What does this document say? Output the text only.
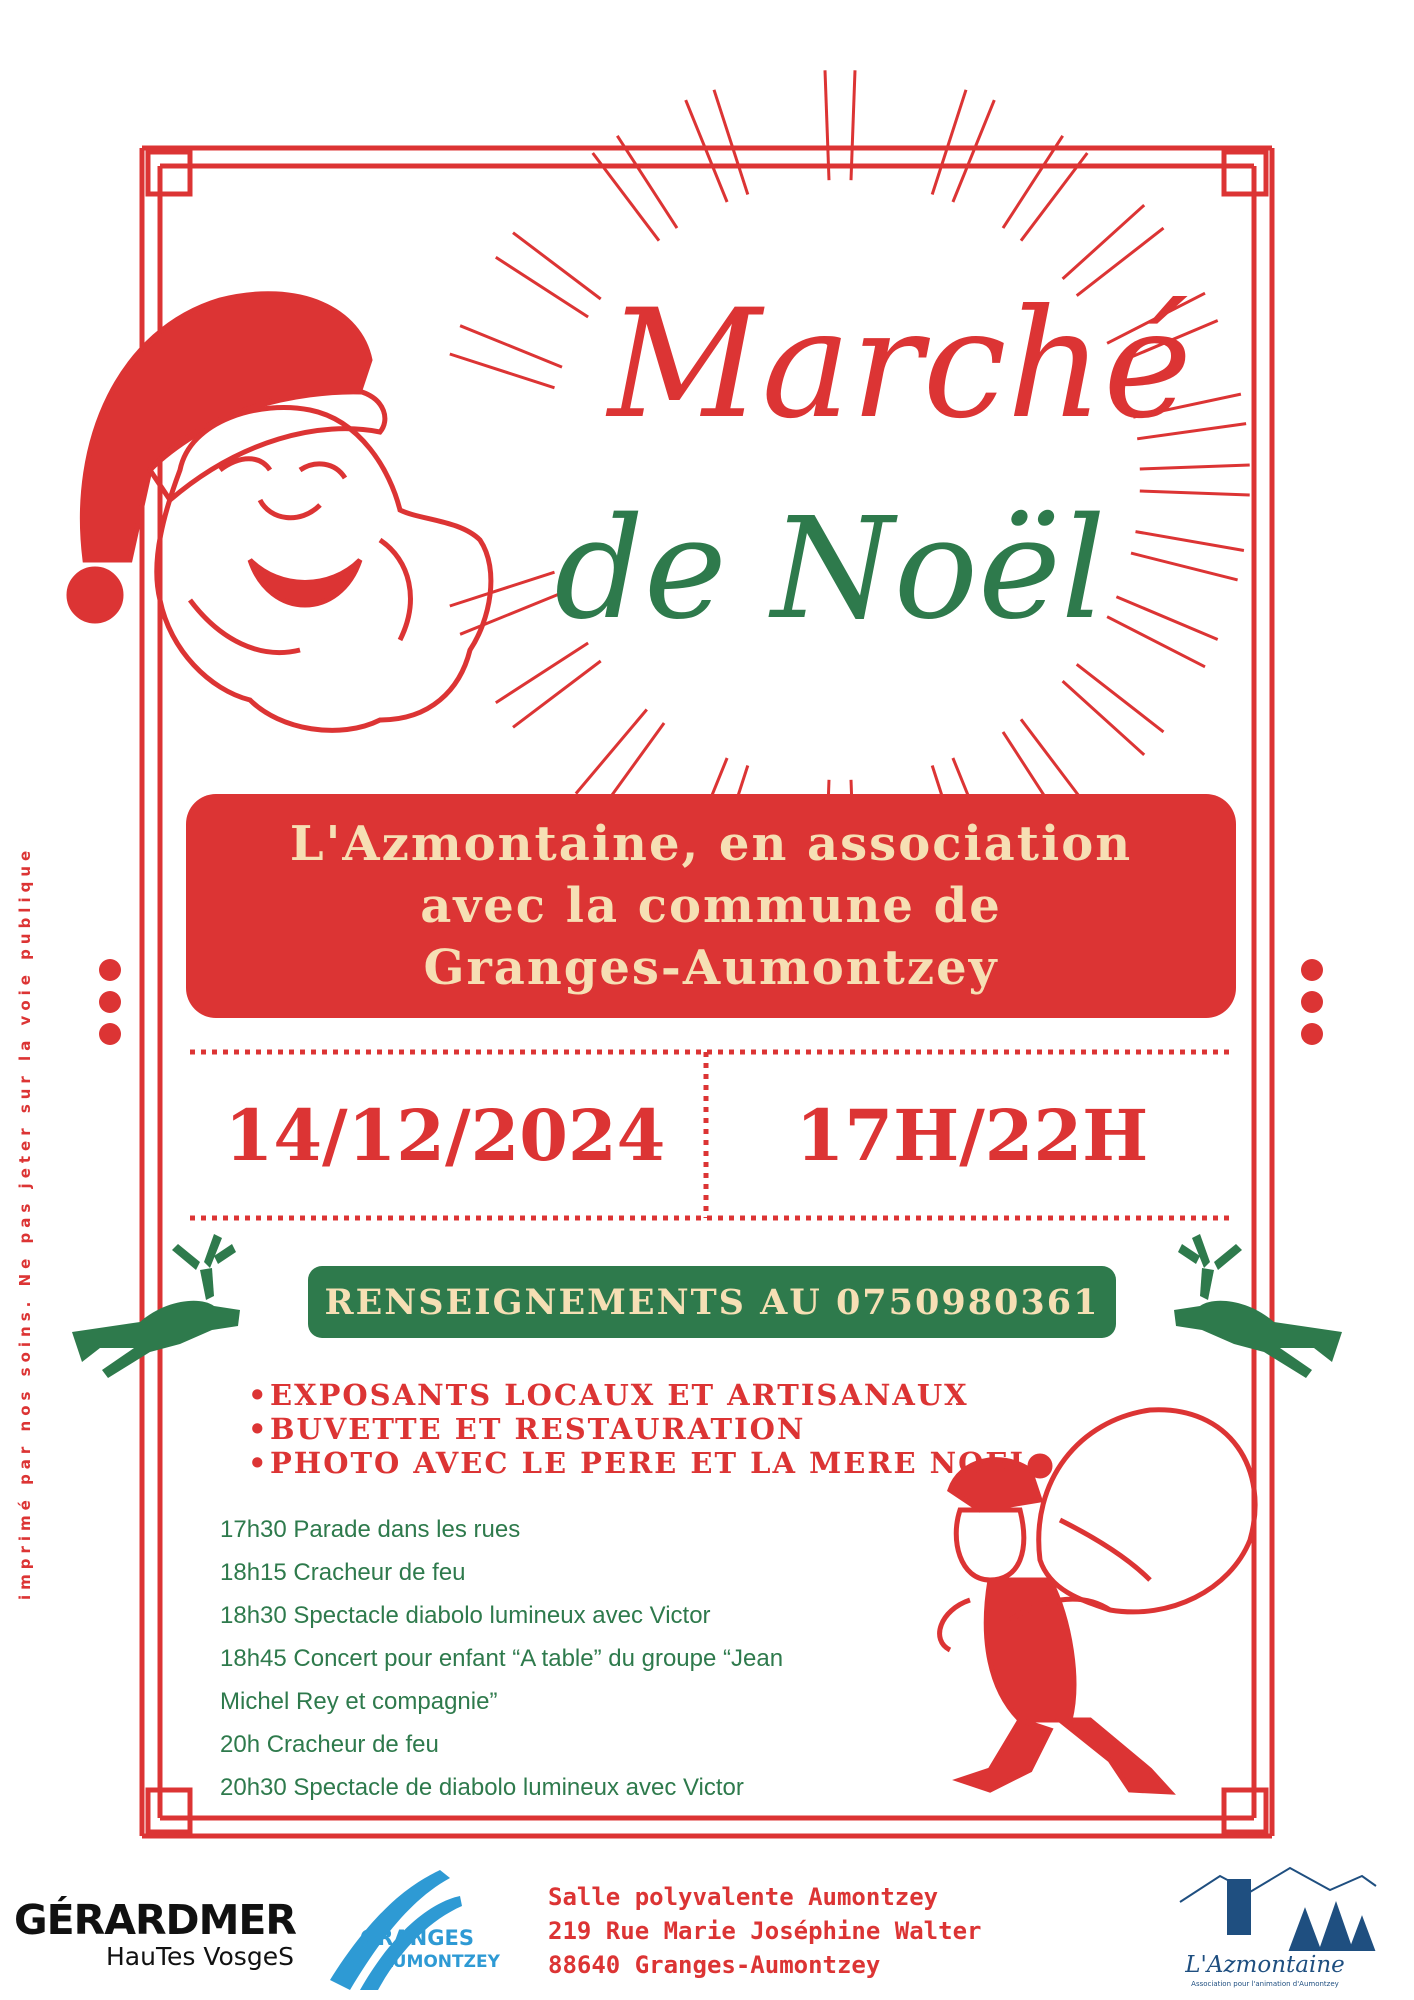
Marché
de Noël
L'Azmontaine, en association
avec la commune de
Granges-Aumontzey
14/12/2024	17H/22H
RENSEIGNEMENTS AU 0750980361
•EXPOSANTS LOCAUX ET ARTISANAUX
•BUVETTE ET RESTAURATION
•PHOTO AVEC LE PERE ET LA MERE NOEL
17h30 Parade dans les rues
18h15 Cracheur de feu
18h30 Spectacle diabolo lumineux avec Victor
18h45 Concert pour enfant “A table” du groupe “Jean
Michel Rey et compagnie”
20h Cracheur de feu
20h30 Spectacle de diabolo lumineux avec Victor
imprimé par nos soins. Ne pas jeter sur la voie publique
Salle polyvalente Aumontzey
219 Rue Marie Joséphine Walter
88640 Granges-Aumontzey
GÉRARDMER
HauTes VosgeS
GRANGES
AUMONTZEY	L'Azmontaine
Association pour l'animation d'Aumontzey
